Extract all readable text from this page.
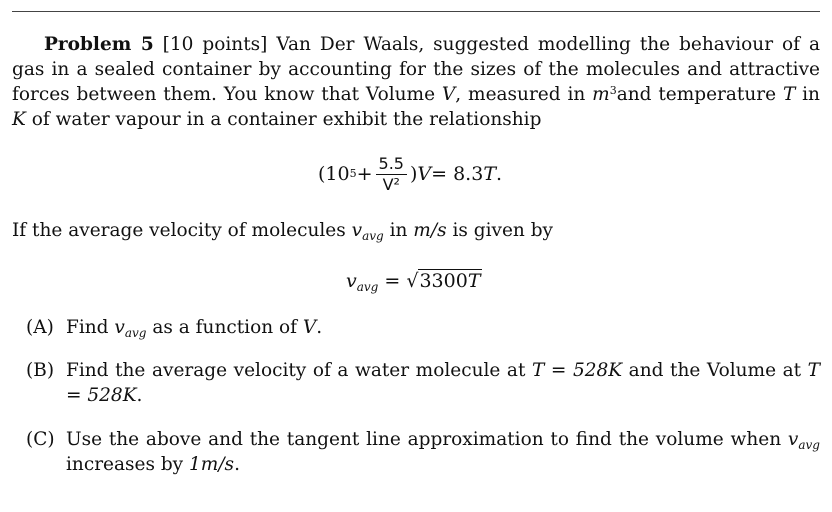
Problem 5 [10 points] Van Der Waals, suggested modelling the behaviour of a gas in a sealed container by accounting for the sizes of the molecules and attractive forces between them. You know that Volume V, measured in $m^3and$ temperature T in K of water vapour in a container exhibit the relationship
(10 $5 + \frac{5.5}{\text{V²}}$ ) V = 8.3 T .
If the average velocity of molecules $v_{avg}$ in m/s is given by
$v_{avg} = √3300T$
(A) Find $v_{avg}$ as a function of V.
(B) Find the average velocity of a water molecule at T = 528K and the Volume at T = 528K.
(C) Use the above and the tangent line approximation to find the volume when $v_{avg}$ increases by 1m/s.
